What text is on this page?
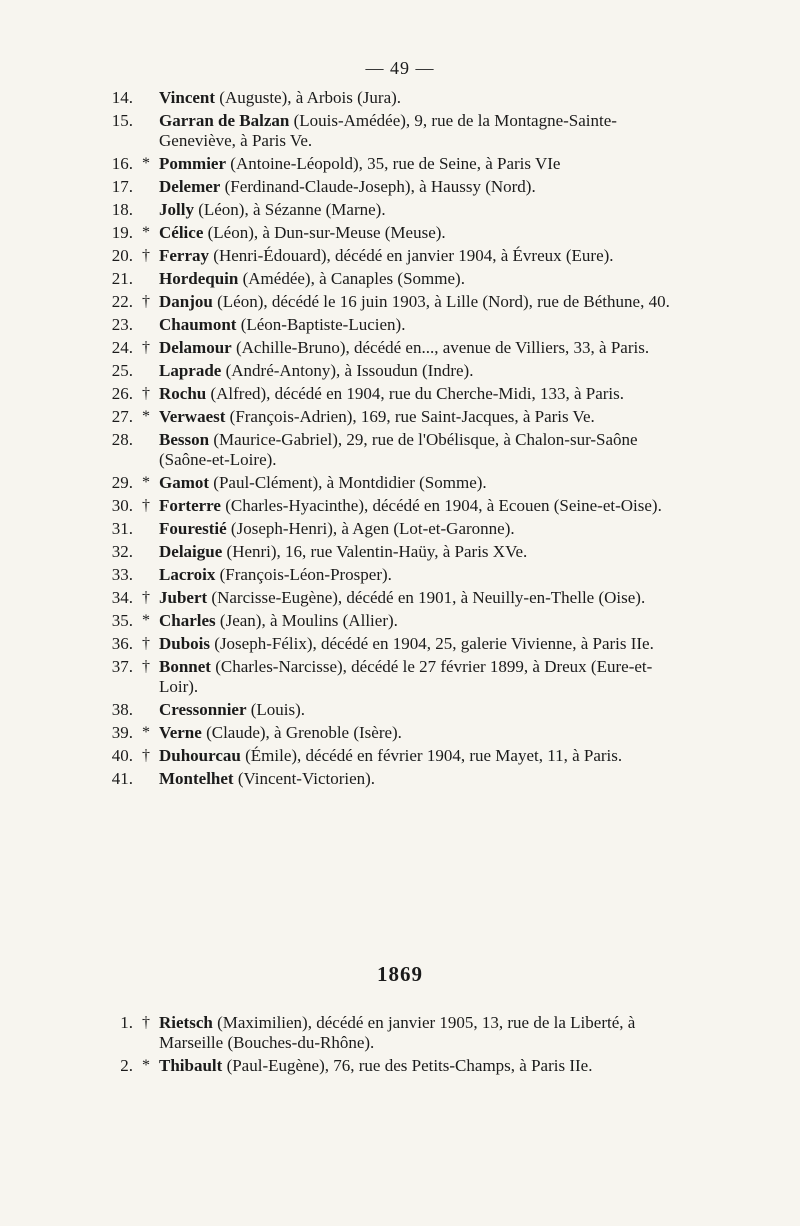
— 49 —
14. Vincent (Auguste), à Arbois (Jura).
15. Garran de Balzan (Louis-Amédée), 9, rue de la Montagne-Sainte-Geneviève, à Paris Ve.
16. * Pommier (Antoine-Léopold), 35, rue de Seine, à Paris VIe
17. Delemer (Ferdinand-Claude-Joseph), à Haussy (Nord).
18. Jolly (Léon), à Sézanne (Marne).
19. * Célice (Léon), à Dun-sur-Meuse (Meuse).
20. † Ferray (Henri-Édouard), décédé en janvier 1904, à Évreux (Eure).
21. Hordequin (Amédée), à Canaples (Somme).
22. † Danjou (Léon), décédé le 16 juin 1903, à Lille (Nord), rue de Béthune, 40.
23. Chaumont (Léon-Baptiste-Lucien).
24. † Delamour (Achille-Bruno), décédé en..., avenue de Villiers, 33, à Paris.
25. Laprade (André-Antony), à Issoudun (Indre).
26. † Rochu (Alfred), décédé en 1904, rue du Cherche-Midi, 133, à Paris.
27. * Verwaest (François-Adrien), 169, rue Saint-Jacques, à Paris Ve.
28. Besson (Maurice-Gabriel), 29, rue de l'Obélisque, à Chalon-sur-Saône (Saône-et-Loire).
29. * Gamot (Paul-Clément), à Montdidier (Somme).
30. † Forterre (Charles-Hyacinthe), décédé en 1904, à Ecouen (Seine-et-Oise).
31. Fourestié (Joseph-Henri), à Agen (Lot-et-Garonne).
32. Delaigue (Henri), 16, rue Valentin-Haüy, à Paris XVe.
33. Lacroix (François-Léon-Prosper).
34. † Jubert (Narcisse-Eugène), décédé en 1901, à Neuilly-en-Thelle (Oise).
35. * Charles (Jean), à Moulins (Allier).
36. † Dubois (Joseph-Félix), décédé en 1904, 25, galerie Vivienne, à Paris IIe.
37. † Bonnet (Charles-Narcisse), décédé le 27 février 1899, à Dreux (Eure-et-Loir).
38. Cressonnier (Louis).
39. * Verne (Claude), à Grenoble (Isère).
40. † Duhourcau (Émile), décédé en février 1904, rue Mayet, 11, à Paris.
41. Montelhet (Vincent-Victorien).
1869
1. † Rietsch (Maximilien), décédé en janvier 1905, 13, rue de la Liberté, à Marseille (Bouches-du-Rhône).
2. * Thibault (Paul-Eugène), 76, rue des Petits-Champs, à Paris IIe.
